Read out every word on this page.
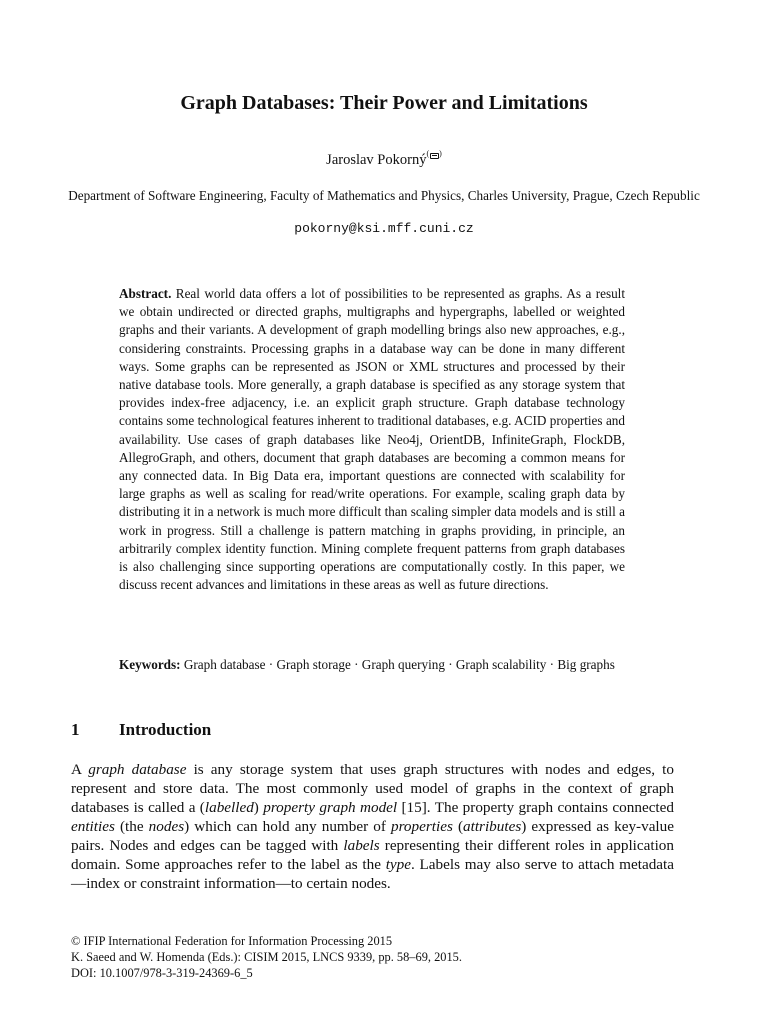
Graph Databases: Their Power and Limitations
Jaroslav Pokorný( )
Department of Software Engineering, Faculty of Mathematics and Physics, Charles University, Prague, Czech Republic
pokorny@ksi.mff.cuni.cz
Abstract. Real world data offers a lot of possibilities to be represented as graphs. As a result we obtain undirected or directed graphs, multigraphs and hypergraphs, labelled or weighted graphs and their variants. A development of graph modelling brings also new approaches, e.g., considering constraints. Processing graphs in a database way can be done in many different ways. Some graphs can be represented as JSON or XML structures and processed by their native database tools. More generally, a graph database is specified as any storage system that provides index-free adjacency, i.e. an explicit graph structure. Graph database technology contains some technological features inherent to traditional databases, e.g. ACID properties and availability. Use cases of graph databases like Neo4j, OrientDB, InfiniteGraph, FlockDB, AllegroGraph, and others, document that graph databases are becoming a common means for any connected data. In Big Data era, important questions are connected with scalability for large graphs as well as scaling for read/write operations. For example, scaling graph data by distributing it in a network is much more difficult than scaling simpler data models and is still a work in progress. Still a challenge is pattern matching in graphs providing, in principle, an arbitrarily complex identity function. Mining complete frequent patterns from graph databases is also challenging since supporting operations are computationally costly. In this paper, we discuss recent advances and limitations in these areas as well as future directions.
Keywords: Graph database · Graph storage · Graph querying · Graph scalability · Big graphs
1 Introduction
A graph database is any storage system that uses graph structures with nodes and edges, to represent and store data. The most commonly used model of graphs in the context of graph databases is called a (labelled) property graph model [15]. The property graph contains connected entities (the nodes) which can hold any number of properties (attributes) expressed as key-value pairs. Nodes and edges can be tagged with labels representing their different roles in application domain. Some approaches refer to the label as the type. Labels may also serve to attach metadata—index or constraint information—to certain nodes.
© IFIP International Federation for Information Processing 2015
K. Saeed and W. Homenda (Eds.): CISIM 2015, LNCS 9339, pp. 58–69, 2015.
DOI: 10.1007/978-3-319-24369-6_5
